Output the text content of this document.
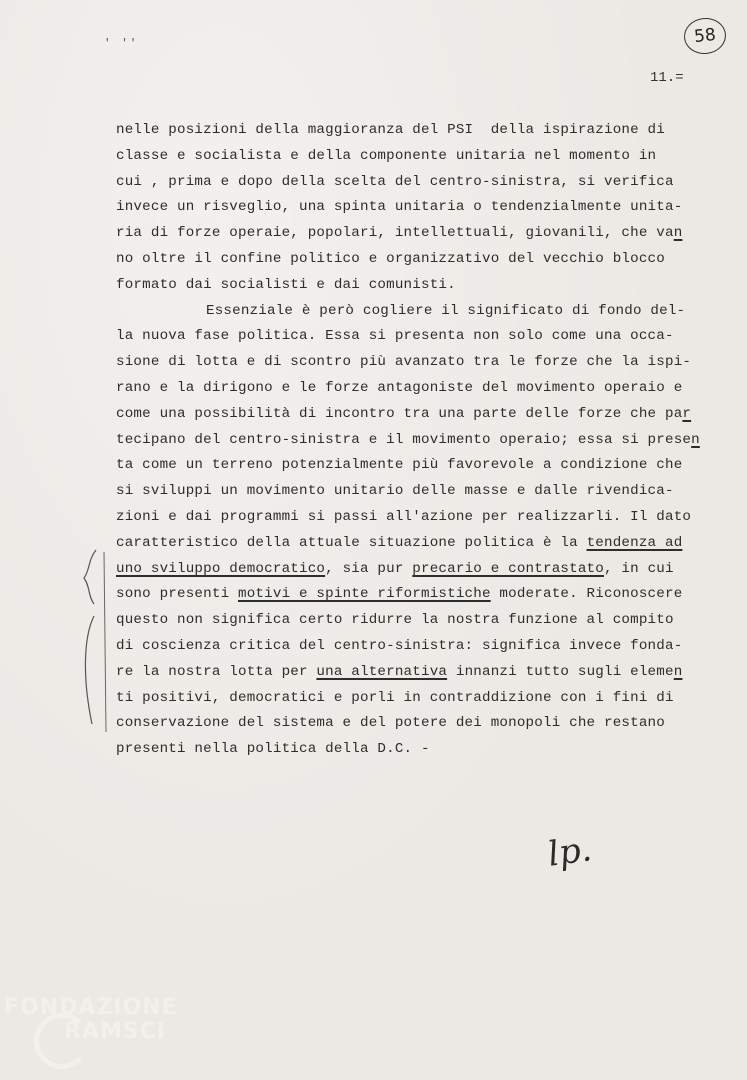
' ''	58
11.=
nelle posizioni della maggioranza del PSI  della ispirazione di
classe e socialista e della componente unitaria nel momento in
cui , prima e dopo della scelta del centro-sinistra, si verifica
invece un risveglio, una spinta unitaria o tendenzialmente unita-
ria di forze operaie, popolari, intellettuali, giovanili, che van
no oltre il confine politico e organizzativo del vecchio blocco
formato dai socialisti e dai comunisti.
Essenziale è però cogliere il significato di fondo del-
la nuova fase politica. Essa si presenta non solo come una occa-
sione di lotta e di scontro più avanzato tra le forze che la ispi-
rano e la dirigono e le forze antagoniste del movimento operaio e
come una possibilità di incontro tra una parte delle forze che par
tecipano del centro-sinistra e il movimento operaio; essa si presen
ta come un terreno potenzialmente più favorevole a condizione che
si sviluppi un movimento unitario delle masse e dalle rivendica-
zioni e dai programmi si passi all'azione per realizzarli. Il dato
caratteristico della attuale situazione politica è la tendenza ad
uno sviluppo democratico, sia pur precario e contrastato, in cui
sono presenti motivi e spinte riformistiche moderate. Riconoscere
questo non significa certo ridurre la nostra funzione al compito
di coscienza critica del centro-sinistra: significa invece fonda-
re la nostra lotta per una alternativa innanzi tutto sugli elemen
ti positivi, democratici e porli in contraddizione con i fini di
conservazione del sistema e del potere dei monopoli che restano
presenti nella politica della D.C. -
lp.
FONDAZIONE
RAMSCI
